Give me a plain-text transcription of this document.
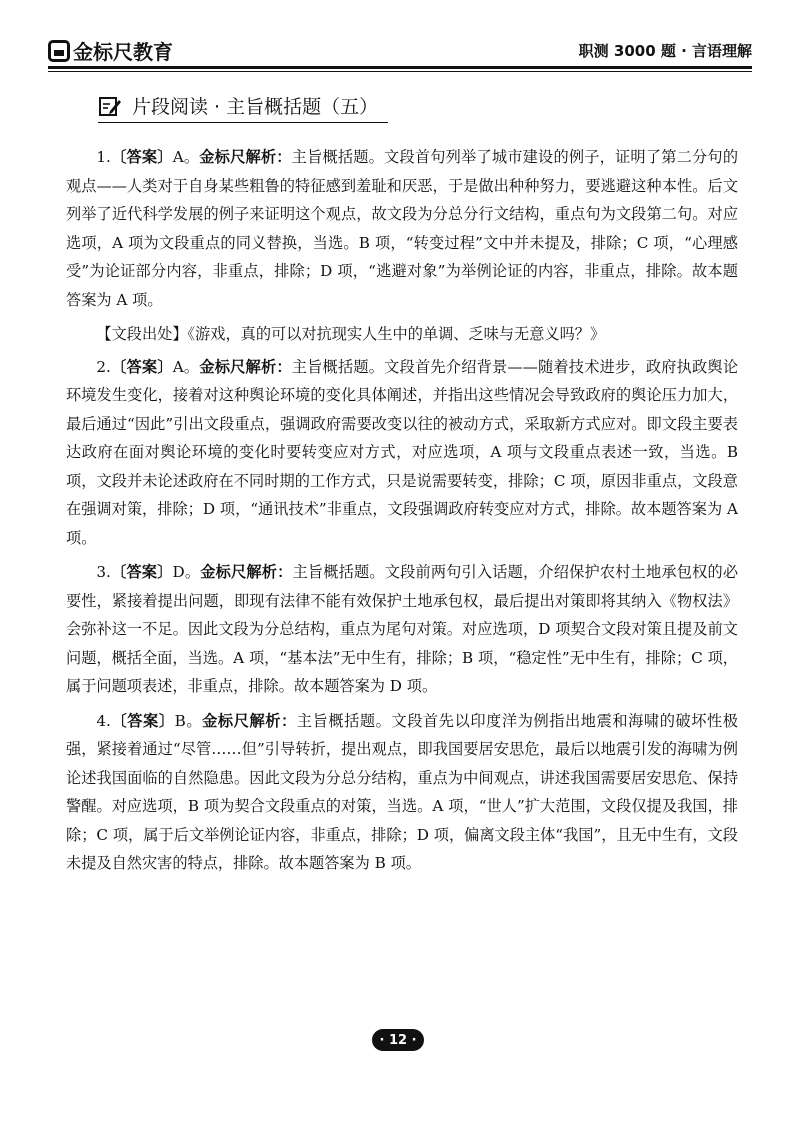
金标尺教育	职测 3000 题 · 言语理解
片段阅读 · 主旨概括题（五）

1.〔答案〕A。金标尺解析：主旨概括题。文段首句列举了城市建设的例子，证明了第二分句的观点——人类对于自身某些粗鲁的特征感到羞耻和厌恶，于是做出种种努力，要逃避这种本性。后文列举了近代科学发展的例子来证明这个观点，故文段为分总分行文结构，重点句为文段第二句。对应选项，A 项为文段重点的同义替换，当选。B 项，“转变过程”文中并未提及，排除；C 项，“心理感受”为论证部分内容，非重点，排除；D 项，“逃避对象”为举例论证的内容，非重点，排除。故本题答案为 A 项。

【文段出处】《游戏，真的可以对抗现实人生中的单调、乏味与无意义吗？》

2.〔答案〕A。金标尺解析：主旨概括题。文段首先介绍背景——随着技术进步，政府执政舆论环境发生变化，接着对这种舆论环境的变化具体阐述，并指出这些情况会导致政府的舆论压力加大，最后通过“因此”引出文段重点，强调政府需要改变以往的被动方式，采取新方式应对。即文段主要表达政府在面对舆论环境的变化时要转变应对方式，对应选项，A 项与文段重点表述一致，当选。B 项，文段并未论述政府在不同时期的工作方式，只是说需要转变，排除；C 项，原因非重点，文段意在强调对策，排除；D 项，“通讯技术”非重点，文段强调政府转变应对方式，排除。故本题答案为 A 项。

3.〔答案〕D。金标尺解析：主旨概括题。文段前两句引入话题，介绍保护农村土地承包权的必要性，紧接着提出问题，即现有法律不能有效保护土地承包权，最后提出对策即将其纳入《物权法》会弥补这一不足。因此文段为分总结构，重点为尾句对策。对应选项，D 项契合文段对策且提及前文问题，概括全面，当选。A 项，“基本法”无中生有，排除；B 项，“稳定性”无中生有，排除；C 项，属于问题项表述，非重点，排除。故本题答案为 D 项。

4.〔答案〕B。金标尺解析：主旨概括题。文段首先以印度洋为例指出地震和海啸的破坏性极强，紧接着通过“尽管……但”引导转折，提出观点，即我国要居安思危，最后以地震引发的海啸为例论述我国面临的自然隐患。因此文段为分总分结构，重点为中间观点，讲述我国需要居安思危、保持警醒。对应选项，B 项为契合文段重点的对策，当选。A 项，“世人”扩大范围，文段仅提及我国，排除；C 项，属于后文举例论证内容，非重点，排除；D 项，偏离文段主体“我国”，且无中生有，文段未提及自然灾害的特点，排除。故本题答案为 B 项。

· 12 ·
